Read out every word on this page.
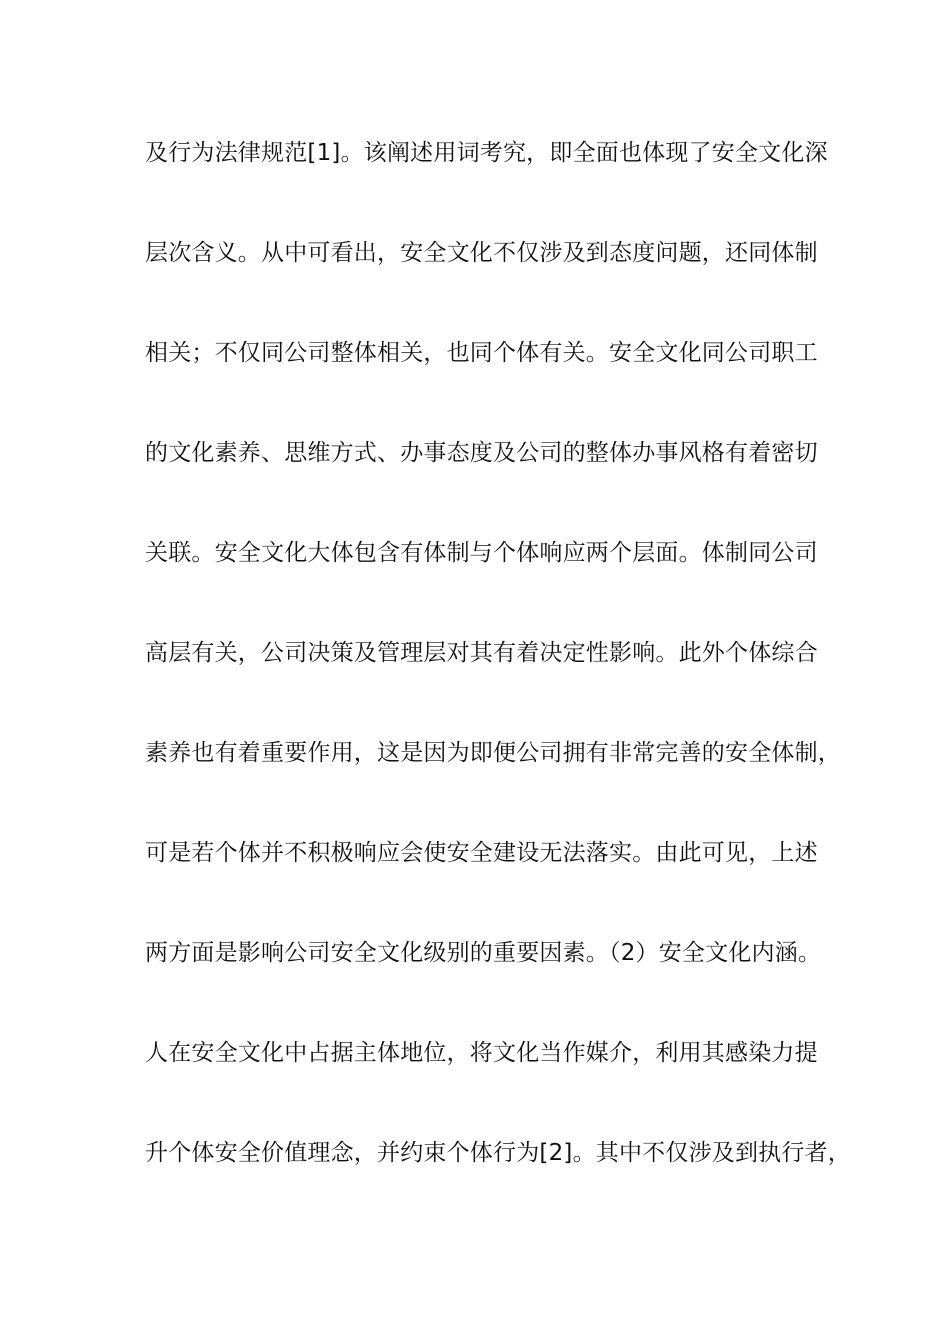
及行为法律规范[1]。该阐述用词考究，即全面也体现了安全文化深
层次含义。从中可看出，安全文化不仅涉及到态度问题，还同体制
相关；不仅同公司整体相关，也同个体有关。安全文化同公司职工
的文化素养、思维方式、办事态度及公司的整体办事风格有着密切
关联。安全文化大体包含有体制与个体响应两个层面。体制同公司
高层有关，公司决策及管理层对其有着决定性影响。此外个体综合
素养也有着重要作用，这是因为即便公司拥有非常完善的安全体制，
可是若个体并不积极响应会使安全建设无法落实。由此可见，上述
两方面是影响公司安全文化级别的重要因素。（2）安全文化内涵。
人在安全文化中占据主体地位，将文化当作媒介，利用其感染力提
升个体安全价值理念，并约束个体行为[2]。其中不仅涉及到执行者，
